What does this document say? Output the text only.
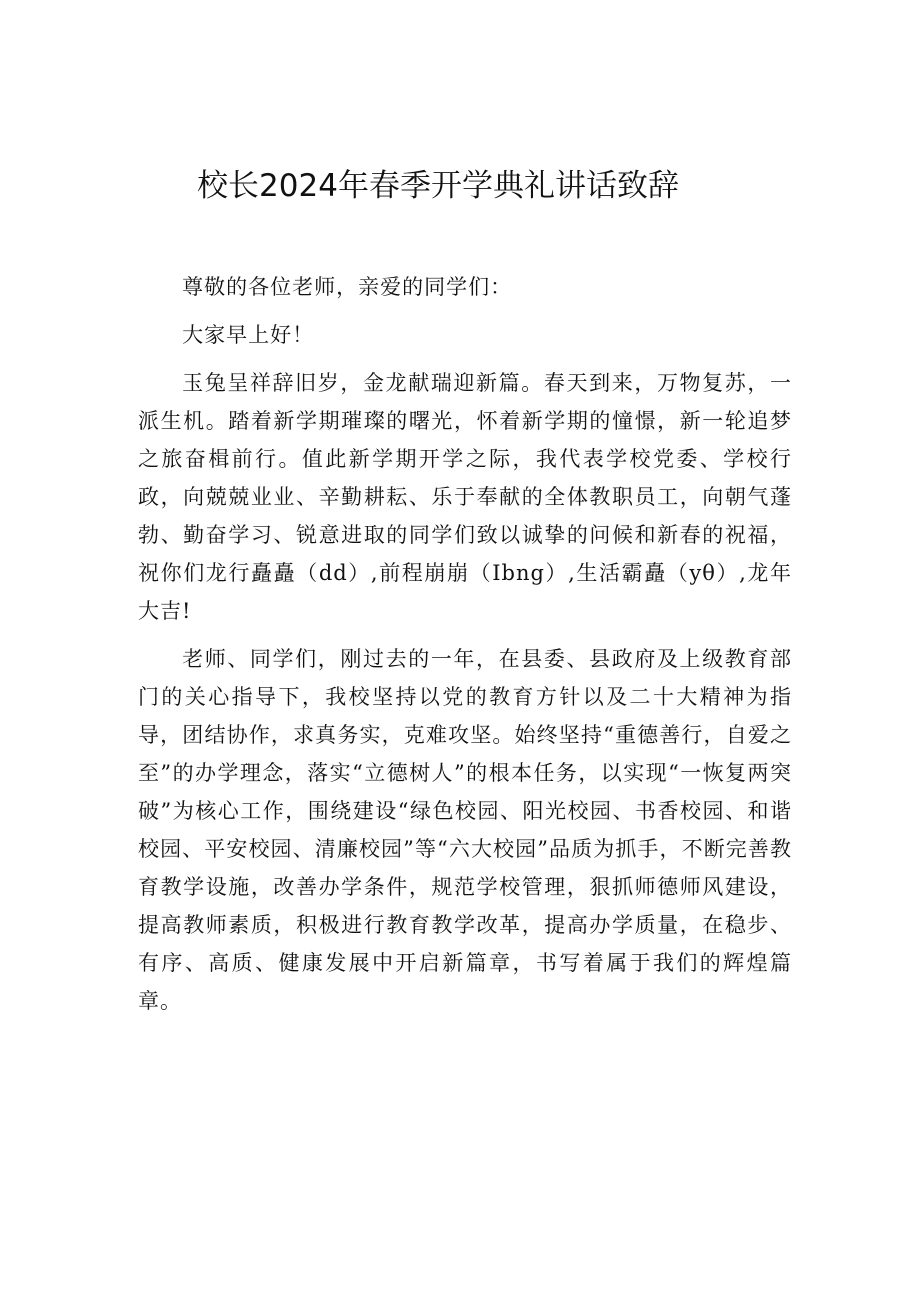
校长2024年春季开学典礼讲话致辞

尊敬的各位老师，亲爱的同学们：

大家早上好！

玉兔呈祥辞旧岁，金龙献瑞迎新篇。春天到来，万物复苏，一派生机。踏着新学期璀璨的曙光，怀着新学期的憧憬，新一轮追梦之旅奋楫前行。值此新学期开学之际，我代表学校党委、学校行政，向兢兢业业、辛勤耕耘、乐于奉献的全体教职员工，向朝气蓬勃、勤奋学习、锐意进取的同学们致以诚挚的问候和新春的祝福，祝你们龙行矗矗（dd）,前程崩崩（Ibng）,生活霸矗（yθ）,龙年大吉!

老师、同学们，刚过去的一年，在县委、县政府及上级教育部门的关心指导下，我校坚持以党的教育方针以及二十大精神为指导，团结协作，求真务实，克难攻坚。始终坚持“重德善行，自爱之至”的办学理念，落实“立德树人”的根本任务，以实现“一恢复两突破”为核心工作，围绕建设“绿色校园、阳光校园、书香校园、和谐校园、平安校园、清廉校园”等“六大校园”品质为抓手，不断完善教育教学设施，改善办学条件，规范学校管理，狠抓师德师风建设，提高教师素质，积极进行教育教学改革，提高办学质量，在稳步、有序、高质、健康发展中开启新篇章，书写着属于我们的辉煌篇章。
